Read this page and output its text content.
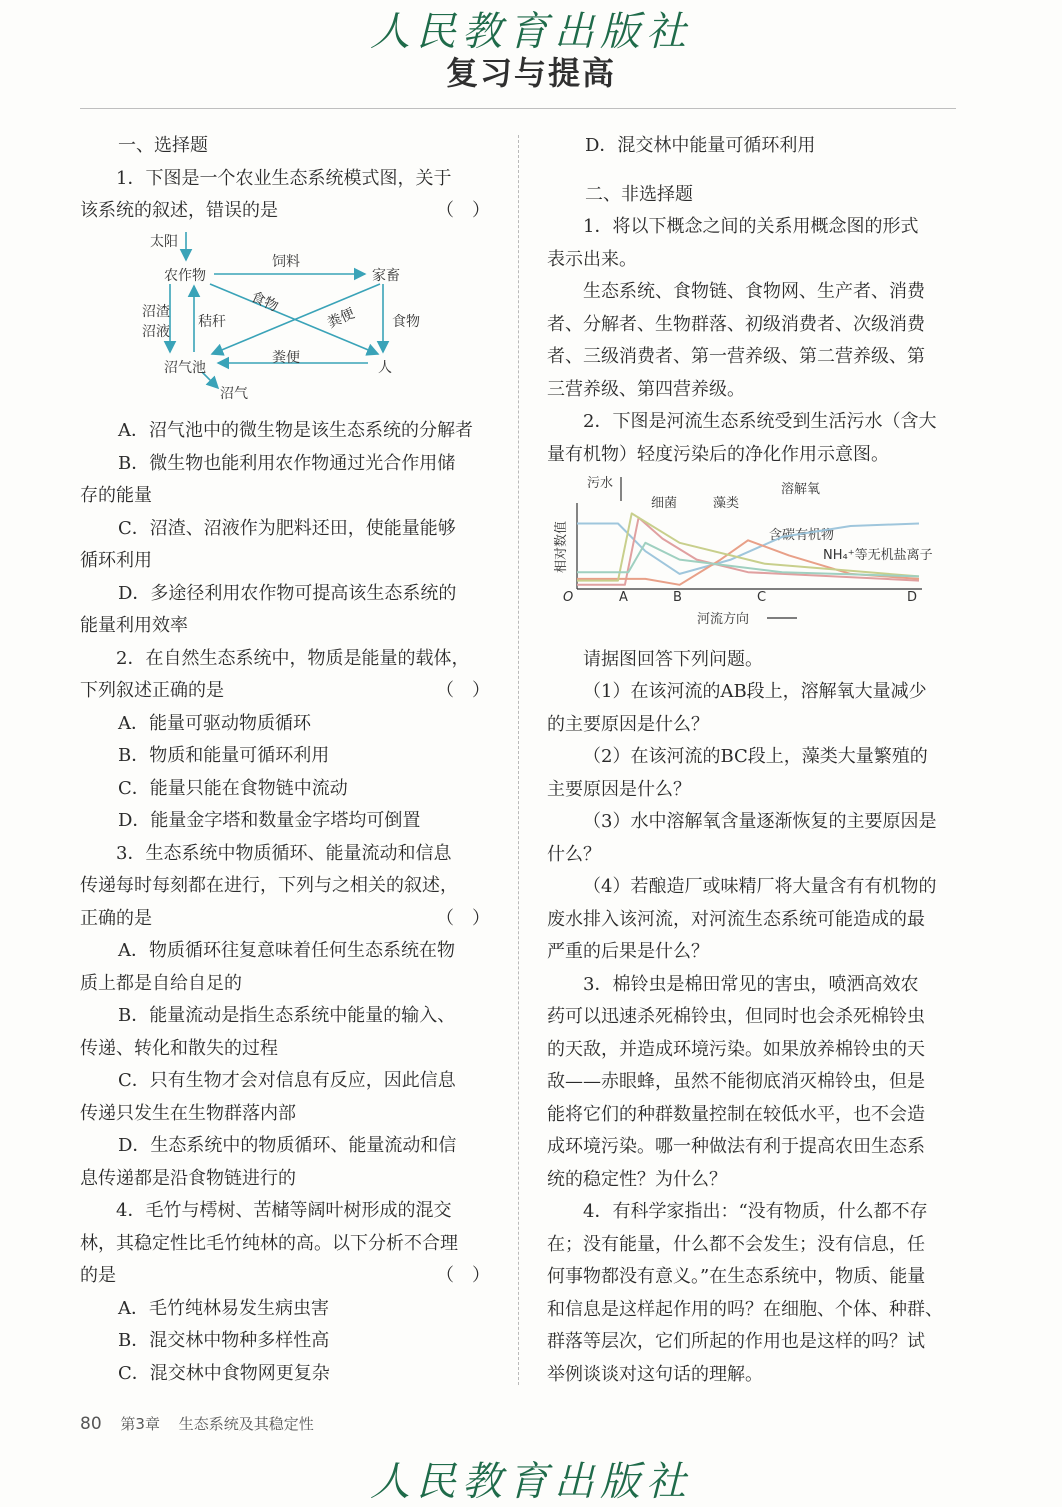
人民教育出版社
复习与提高

一、选择题

1．下图是一个农业生态系统模式图，关于

该系统的叙述，错误的是	（　）
太阳
农作物	家畜
人
沼气池
饲料
食物
粪便 食物
秸秆
沼渣
沼液
粪便
沼气

A．沼气池中的微生物是该生态系统的分解者

B．微生物也能利用农作物通过光合作用储

存的能量

C．沼渣、沼液作为肥料还田，使能量能够

循环利用

D．多途径利用农作物可提高该生态系统的

能量利用效率

2．在自然生态系统中，物质是能量的载体，

下列叙述正确的是	（　）

A．能量可驱动物质循环

B．物质和能量可循环利用

C．能量只能在食物链中流动

D．能量金字塔和数量金字塔均可倒置

3．生态系统中物质循环、能量流动和信息

传递每时每刻都在进行，下列与之相关的叙述，

正确的是	（　）

A．物质循环往复意味着任何生态系统在物

质上都是自给自足的

B．能量流动是指生态系统中能量的输入、

传递、转化和散失的过程

C．只有生物才会对信息有反应，因此信息

传递只发生在生物群落内部

D．生态系统中的物质循环、能量流动和信

息传递都是沿食物链进行的

4．毛竹与樗树、苦槠等阔叶树形成的混交

林，其稳定性比毛竹纯林的高。以下分析不合理

的是	（　）

A．毛竹纯林易发生病虫害

B．混交林中物种多样性高

C．混交林中食物网更复杂

D．混交林中能量可循环利用

二、非选择题

1．将以下概念之间的关系用概念图的形式

表示出来。

生态系统、食物链、食物网、生产者、消费

者、分解者、生物群落、初级消费者、次级消费

者、三级消费者、第一营养级、第二营养级、第

三营养级、第四营养级。

2．下图是河流生态系统受到生活污水（含大

量有机物）轻度污染后的净化作用示意图。

污水
细菌	藻类
溶解氧
含碳有机物
NH₄⁺等无机盐离子
相对数值
O	A	B	C	D
河流方向

请据图回答下列问题。

（1）在该河流的AB段上，溶解氧大量减少

的主要原因是什么？

（2）在该河流的BC段上，藻类大量繁殖的

主要原因是什么？

（3）水中溶解氧含量逐渐恢复的主要原因是

什么？

（4）若酿造厂或味精厂将大量含有有机物的

废水排入该河流，对河流生态系统可能造成的最

严重的后果是什么？

3．棉铃虫是棉田常见的害虫，喷洒高效农

药可以迅速杀死棉铃虫，但同时也会杀死棉铃虫

的天敌，并造成环境污染。如果放养棉铃虫的天

敌——赤眼蜂，虽然不能彻底消灭棉铃虫，但是

能将它们的种群数量控制在较低水平，也不会造

成环境污染。哪一种做法有利于提高农田生态系

统的稳定性？为什么？

4．有科学家指出：“没有物质，什么都不存

在；没有能量，什么都不会发生；没有信息，任

何事物都没有意义。”在生态系统中，物质、能量

和信息是这样起作用的吗？在细胞、个体、种群、

群落等层次，它们所起的作用也是这样的吗？试

举例谈谈对这句话的理解。

80 第3章 生态系统及其稳定性
人民教育出版社
